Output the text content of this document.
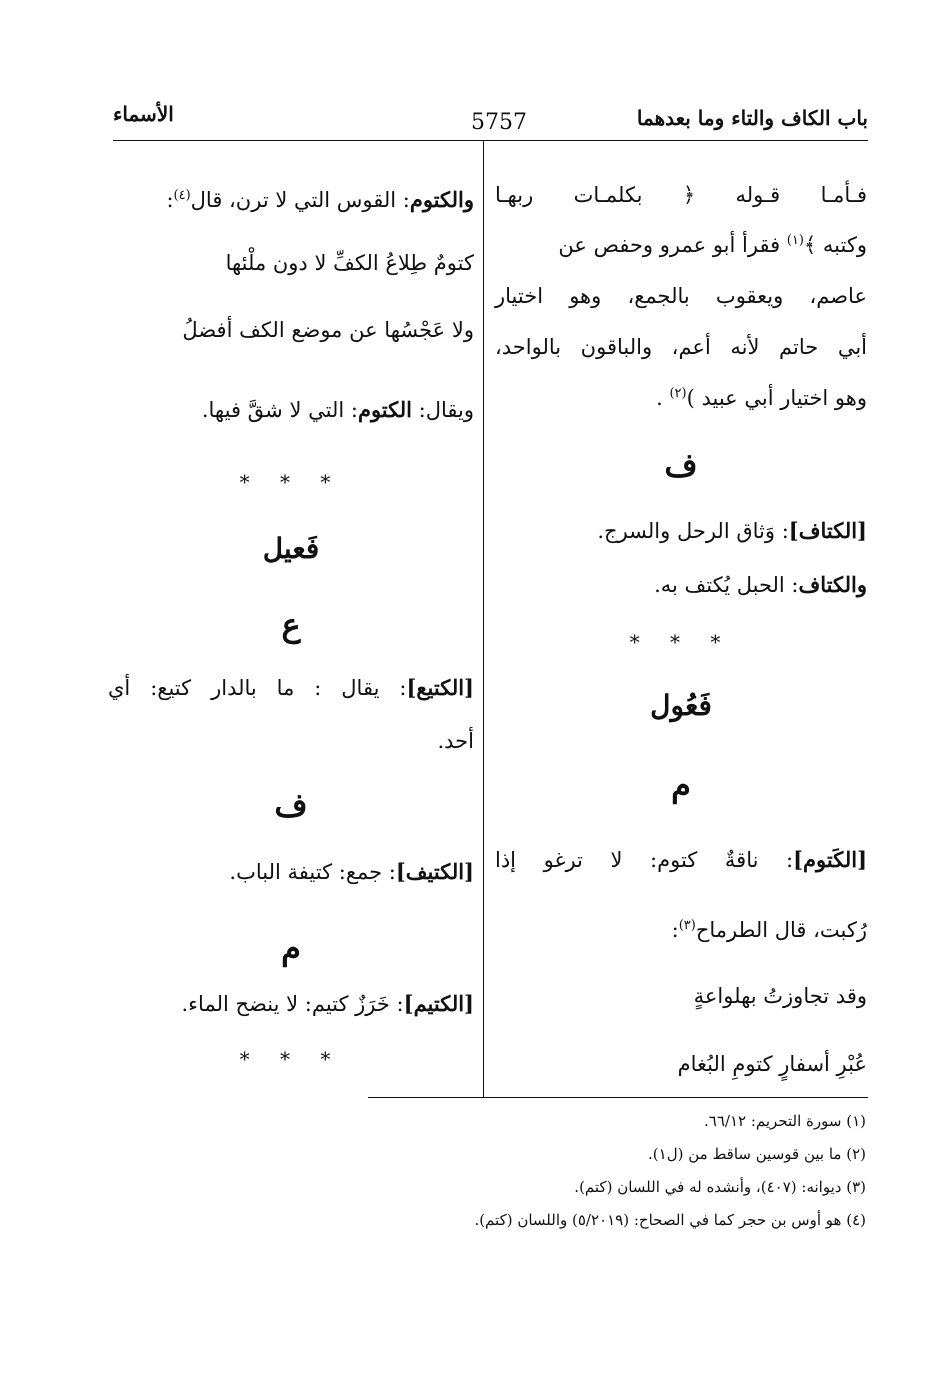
باب الكاف والتاء وما بعدهما
5757
الأسماء
فـأمـا قـوله ﴿ بكلمـات ربهـا
وكتبه ﴾$^{(١)}$ فقرأ أبو عمرو وحفص عن
عاصم، ويعقوب بالجمع، وهو اختيار
أبي حاتم لأنه أعم، والباقون بالواحد،
وهو اختيار أبي عبيد )$^{(٢)}$ .
ف
[الكتاف]: وَثاق الرحل والسرج.
والكتاف: الحبل يُكتف به.
* * *
فَعُول
م
[الكَتوم]: ناقةٌ كتوم: لا ترغو إذا
رُكبت، قال الطرماح$^{(٣)}$:
وقد تجاوزتُ بهلواعةٍ
عُبْرِ أسفارٍ كتومِ البُغام
والكتوم: القوس التي لا ترن، قال$^{(٤)}$:
كتومٌ طِلاعُ الكفِّ لا دون ملْئها
ولا عَجْسُها عن موضع الكف أفضلُ
ويقال: الكتوم: التي لا شقَّ فيها.
* * *
فَعيل
ع
[الكتيع]: يقال : ما بالدار كتيع: أي
أحد.
ف
[الكتيف]: جمع: كتيفة الباب.
م
[الكتيم]: خَرَزٌ كتيم: لا ينضح الماء.
* * *
(١) سورة التحريم: ٦٦/١٢.
(٢) ما بين قوسين ساقط من (ل١).
(٣) ديوانه: (٤٠٧)، وأنشده له في اللسان (كتم).
(٤) هو أوس بن حجر كما في الصحاح: (٥/٢٠١٩) واللسان (كتم).
